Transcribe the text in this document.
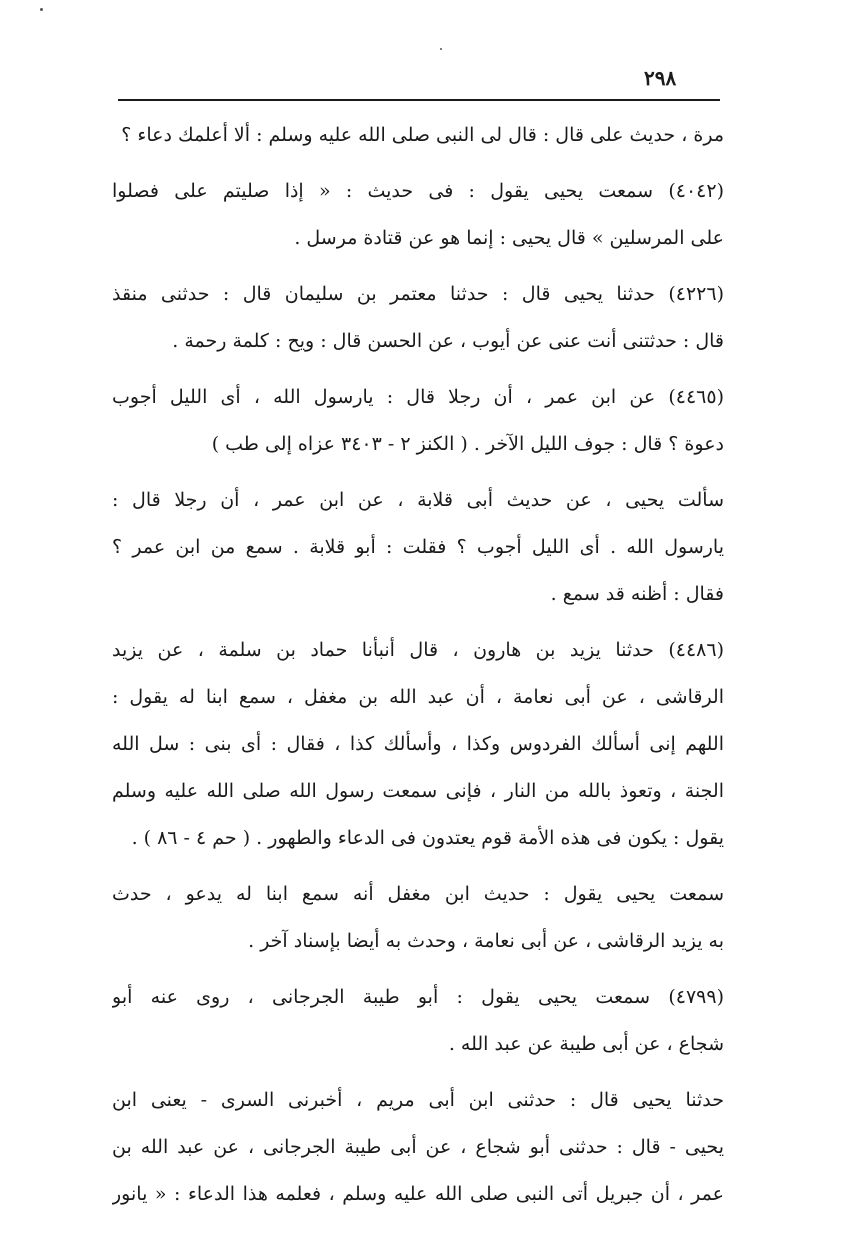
٢٩٨
مرة ، حديث على قال : قال لى النبى صلى الله عليه وسلم : ألا أعلمك دعاء ؟
(٤٠٤٢) سمعت يحيى يقول : فى حديث : « إذا صليتم على فصلوا
على المرسلين » قال يحيى : إنما هو عن قتادة مرسل .
(٤٢٢٦) حدثنا يحيى قال : حدثنا معتمر بن سليمان قال : حدثنى منقذ
قال : حدثتنى أنت عنى عن أيوب ، عن الحسن قال : ويح : كلمة رحمة .
(٤٤٦٥) عن ابن عمر ، أن رجلا قال : يارسول الله ، أى الليل أجوب
دعوة ؟ قال : جوف الليل الآخر . ( الكنز ٢ - ٣٤٠٣ عزاه إلى طب )
سألت يحيى ، عن حديث أبى قلابة ، عن ابن عمر ، أن رجلا قال :
يارسول الله . أى الليل أجوب ؟ فقلت : أبو قلابة . سمع من ابن عمر ؟
فقال : أظنه قد سمع .
(٤٤٨٦) حدثنا يزيد بن هارون ، قال أنبأنا حماد بن سلمة ، عن يزيد
الرقاشى ، عن أبى نعامة ، أن عبد الله بن مغفل ، سمع ابنا له يقول :
اللهم إنى أسألك الفردوس وكذا ، وأسألك كذا ، فقال : أى بنى : سل الله
الجنة ، وتعوذ بالله من النار ، فإنى سمعت رسول الله صلى الله عليه وسلم
يقول : يكون فى هذه الأمة قوم يعتدون فى الدعاء والطهور . ( حم ٤ - ٨٦ ) .
سمعت يحيى يقول : حديث ابن مغفل أنه سمع ابنا له يدعو ، حدث
به يزيد الرقاشى ، عن أبى نعامة ، وحدث به أيضا بإسناد آخر .
(٤٧٩٩) سمعت يحيى يقول : أبو طيبة الجرجانى ، روى عنه أبو
شجاع ، عن أبى طيبة عن عبد الله .
حدثنا يحيى قال : حدثنى ابن أبى مريم ، أخبرنى السرى - يعنى ابن
يحيى - قال : حدثنى أبو شجاع ، عن أبى طيبة الجرجانى ، عن عبد الله بن
عمر ، أن جبريل أتى النبى صلى الله عليه وسلم ، فعلمه هذا الدعاء : « يانور
